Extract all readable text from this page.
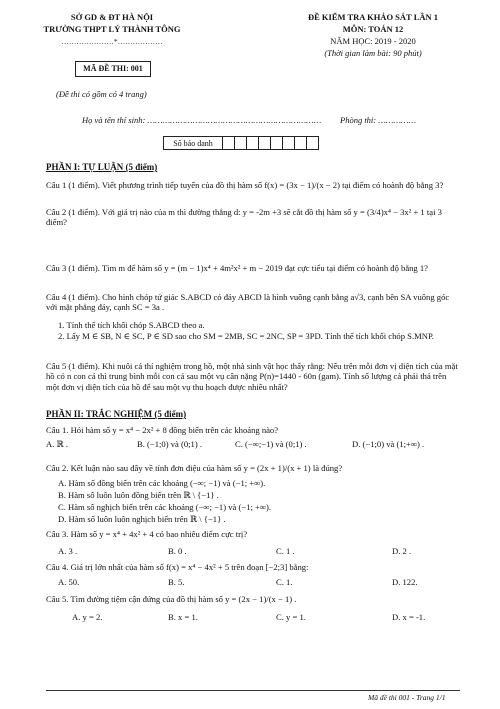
SỞ GD & ĐT HÀ NỘI
TRƯỜNG THPT LÝ THÀNH TÔNG
…………………*………………
MÃ ĐỀ THI: 001
(Đề thi có gồm có 4 trang)
ĐỀ KIỂM TRA KHẢO SÁT LẦN 1
MÔN: TOÁN 12
NĂM HỌC: 2019 - 2020
(Thời gian làm bài: 90 phút)
Họ và tên thí sinh: …………………………………………………………… Phòng thi: ……………
Số báo danh
PHẦN I: TỰ LUẬN (5 điểm)
Câu 1 (1 điểm). Viết phương trình tiếp tuyến của đồ thị hàm số f(x) = (3x − 1)/(x − 2) tại điểm có hoành độ bằng 3?
Câu 2 (1 điểm). Với giá trị nào của m thì đường thẳng d: y = -2m +3 sẽ cắt đồ thị hàm số y = (3/4)x⁴ − 3x² + 1 tại 3 điểm?
Câu 3 (1 điểm). Tìm m để hàm số y = (m − 1)x⁴ + 4m²x² + m − 2019 đạt cực tiểu tại điểm có hoành độ bằng 1?
Câu 4 (1 điểm). Cho hình chóp tứ giác S.ABCD có đáy ABCD là hình vuông cạnh bằng a√3, cạnh bên SA vuông góc với mặt phẳng đáy, cạnh SC = 3a .
1. Tính thể tích khối chóp S.ABCD theo a.
2. Lấy M ∈ SB, N ∈ SC, P ∈ SD sao cho SM = 2MB, SC = 2NC, SP = 3PD. Tính thể tích khối chóp S.MNP.
Câu 5 (1 điểm). Khi nuôi cá thí nghiệm trong hồ, một nhà sinh vật học thấy rằng: Nếu trên mỗi đơn vị diện tích của mặt hồ có n con cá thì trung bình mỗi con cá sau một vụ cân nặng P(n)=1440 - 60n (gam). Tính số lượng cá phải thả trên một đơn vị diện tích của hồ để sau một vụ thu hoạch được nhiều nhất?
PHẦN II: TRẮC NGHIỆM (5 điểm)
Câu 1. Hỏi hàm số y = x⁴ − 2x² + 8 đồng biến trên các khoảng nào?
A. ℝ .	B. (−1;0) và (0;1) .	C. (−∞;−1) và (0;1) .	D. (−1;0) và (1;+∞) .
Câu 2. Kết luận nào sau đây về tính đơn điệu của hàm số y = (2x + 1)/(x + 1) là đúng?
A. Hàm số đồng biến trên các khoảng (−∞; −1) và (−1; +∞).
B. Hàm số luôn luôn đồng biến trên ℝ \ {−1} .
C. Hàm số nghịch biến trên các khoảng (−∞; −1) và (−1; +∞).
D. Hàm số luôn luôn nghịch biến trên ℝ \ {−1} .
Câu 3. Hàm số y = x⁴ + 4x² + 4 có bao nhiêu điểm cực trị?
A. 3 .	B. 0 .	C. 1 .	D. 2 .
Câu 4. Giá trị lớn nhất của hàm số f(x) = x⁴ − 4x² + 5 trên đoạn [−2;3] bằng:
A. 50.	B. 5.	C. 1.	D. 122.
Câu 5. Tìm đường tiệm cận đứng của đồ thị hàm số y = (2x − 1)/(x − 1) .
A. y = 2.	B. x = 1.	C. y = 1.	D. x = -1.
Mã đề thi 001 - Trang 1/1
